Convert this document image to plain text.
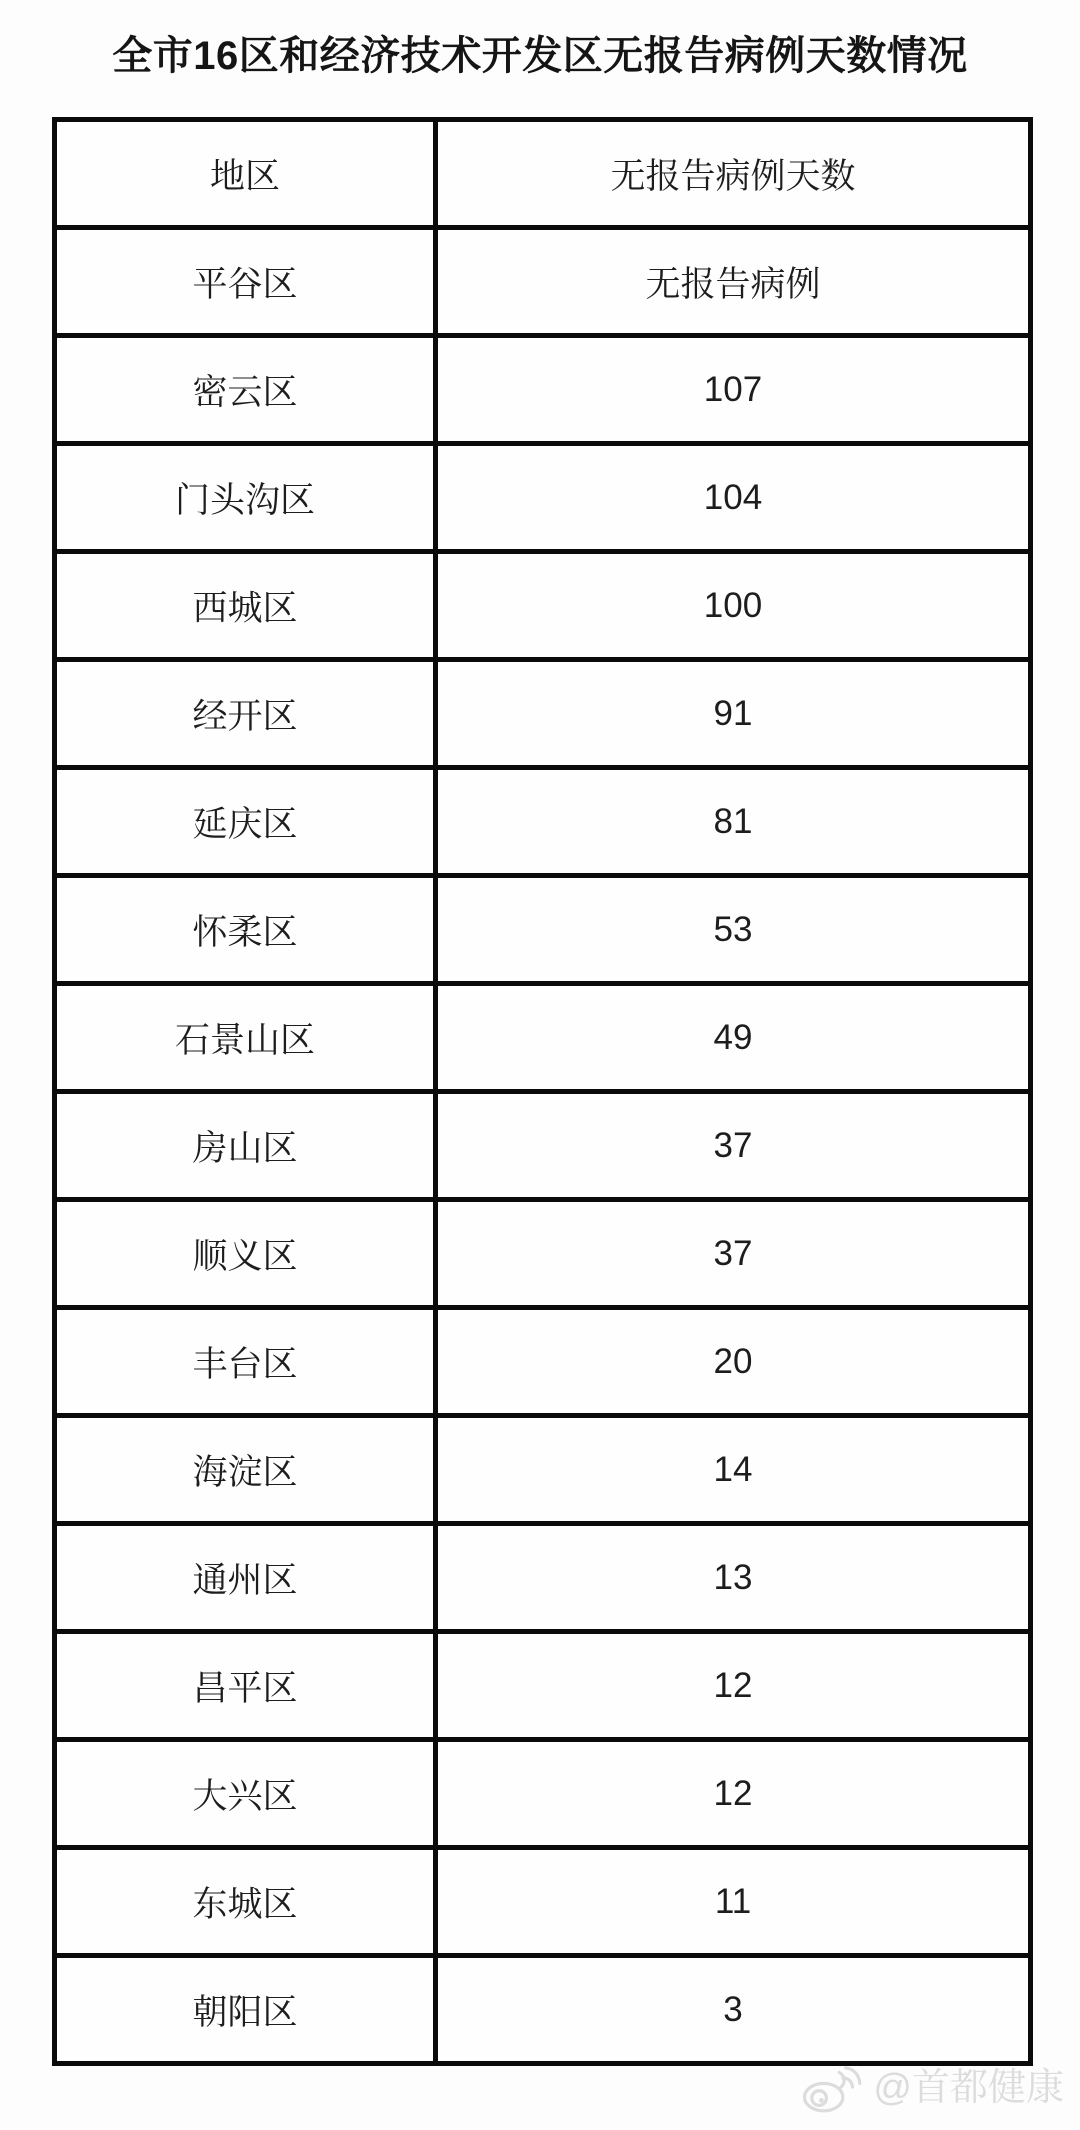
全市16区和经济技术开发区无报告病例天数情况
地区	无报告病例天数
平谷区	无报告病例
密云区	107
门头沟区	104
西城区	100
经开区	91
延庆区	81
怀柔区	53
石景山区	49
房山区	37
顺义区	37
丰台区	20
海淀区	14
通州区	13
昌平区	12
大兴区	12
东城区	11
朝阳区	3
@首都健康
